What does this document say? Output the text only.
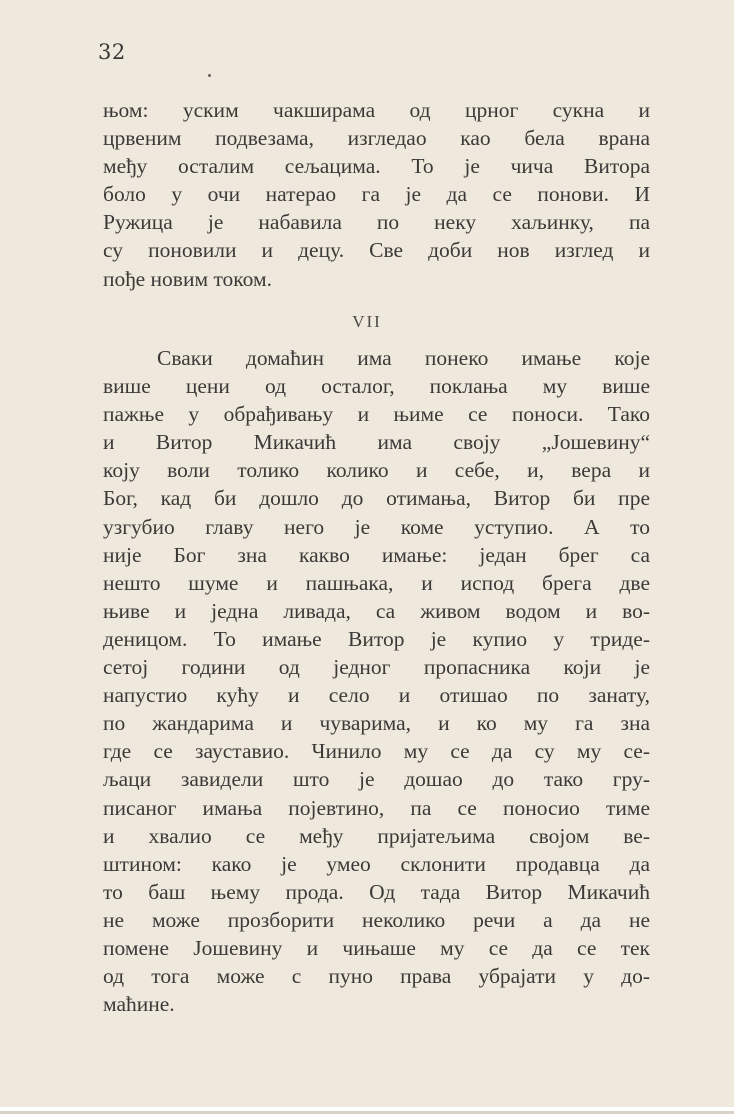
32
њом: уским чакширама од црног сукна и
црвеним подвезама, изгледао као бела врана
међу осталим сељацима. То је чича Витора
боло у очи натерао га је да се понови. И
Ружица је набавила по неку хаљинку, па
су поновили и децу. Све доби нов изглед и
пође новим током.
VII
Сваки домаћин има понеко имање које
више цени од осталог, поклања му више
пажње у обрађивању и њиме се поноси. Тако
и Витор Микачић има своју „Јошевину“
коју воли толико колико и себе, и, вера и
Бог, кад би дошло до отимања, Витор би пре
узгубио главу него је коме уступио. А то
није Бог зна какво имање: један брег са
нешто шуме и пашњака, и испод брега две
њиве и једна ливада, са живом водом и во-
деницом. То имање Витор је купио у триде-
сетој години од једног пропасника који је
напустио кућу и село и отишао по занату,
по жандарима и чуварима, и ко му га зна
где се зауставио. Чинило му се да су му се-
љаци завидели што је дошао до тако гру-
писаног имања појевтино, па се поносио тиме
и хвалио се међу пријатељима својом ве-
штином: како је умео склонити продавца да
то баш њему прода. Од тада Витор Микачић
не може прозборити неколико речи а да не
помене Јошевину и чињаше му се да се тек
од тога може с пуно права убрајати у до-
маћине.
